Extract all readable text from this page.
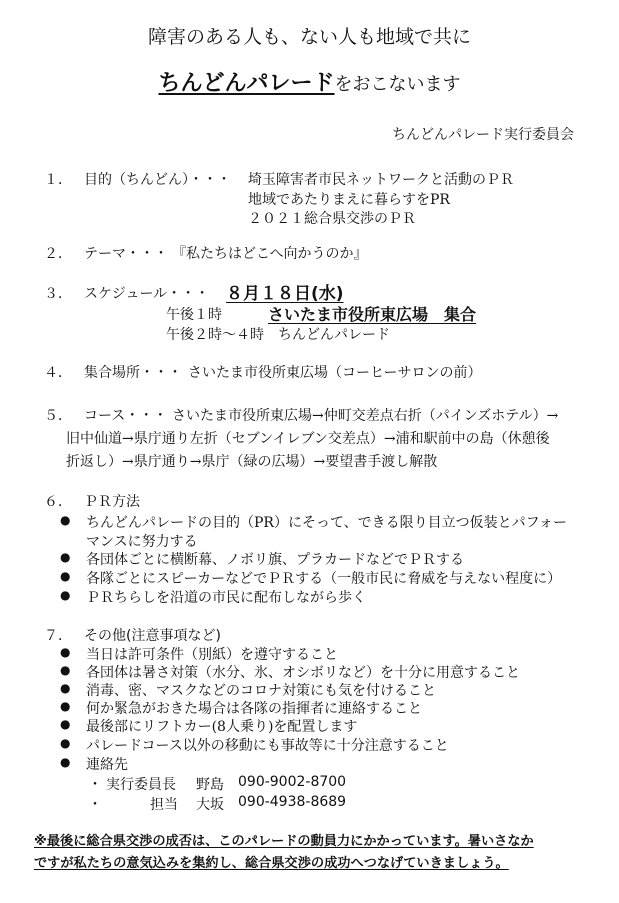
障害のある人も、ない人も地域で共に
ちんどんパレードをおこないます
ちんどんパレード実行委員会
１． 目的（ちんどん）・・・ 埼玉障害者市民ネットワークと活動のＰＲ
地域であたりまえに暮らすをPR
２０２１総合県交渉のＰＲ
２． テーマ・・・ 『私たちはどこへ向かうのか』
３． スケジュール・・・ ８月１８日(水)
午後１時	さいたま市役所東広場　集合
午後２時～４時　ちんどんパレード
４． 集合場所・・・ さいたま市役所東広場（コーヒーサロンの前）
５． コース・・・ さいたま市役所東広場→仲町交差点右折（パインズホテル）→
旧中仙道→県庁通り左折（セブンイレブン交差点）→浦和駅前中の島（休憩後
折返し）→県庁通り→県庁（緑の広場）→要望書手渡し解散
６． ＰＲ方法
● ちんどんパレードの目的（PR）にそって、できる限り目立つ仮装とパフォー
マンスに努力する
● 各団体ごとに横断幕、ノボリ旗、プラカードなどでＰＲする
● 各隊ごとにスピーカーなどでＰＲする（一般市民に脅威を与えない程度に）
● ＰＲちらしを沿道の市民に配布しながら歩く
７． その他(注意事項など)
● 当日は許可条件（別紙）を遵守すること
● 各団体は暑さ対策（水分、氷、オシボリなど）を十分に用意すること
● 消毒、密、マスクなどのコロナ対策にも気を付けること
● 何か緊急がおきた場合は各隊の指揮者に連絡すること
● 最後部にリフトカー(8人乗り)を配置します
● パレードコース以外の移動にも事故等に十分注意すること
● 連絡先
・ 実行委員長 野島 090-9002-8700
・	担当 大坂 090-4938-8689
※最後に総合県交渉の成否は、このパレードの動員力にかかっています。暑いさなか
ですが私たちの意気込みを集約し、総合県交渉の成功へつなげていきましょう。
